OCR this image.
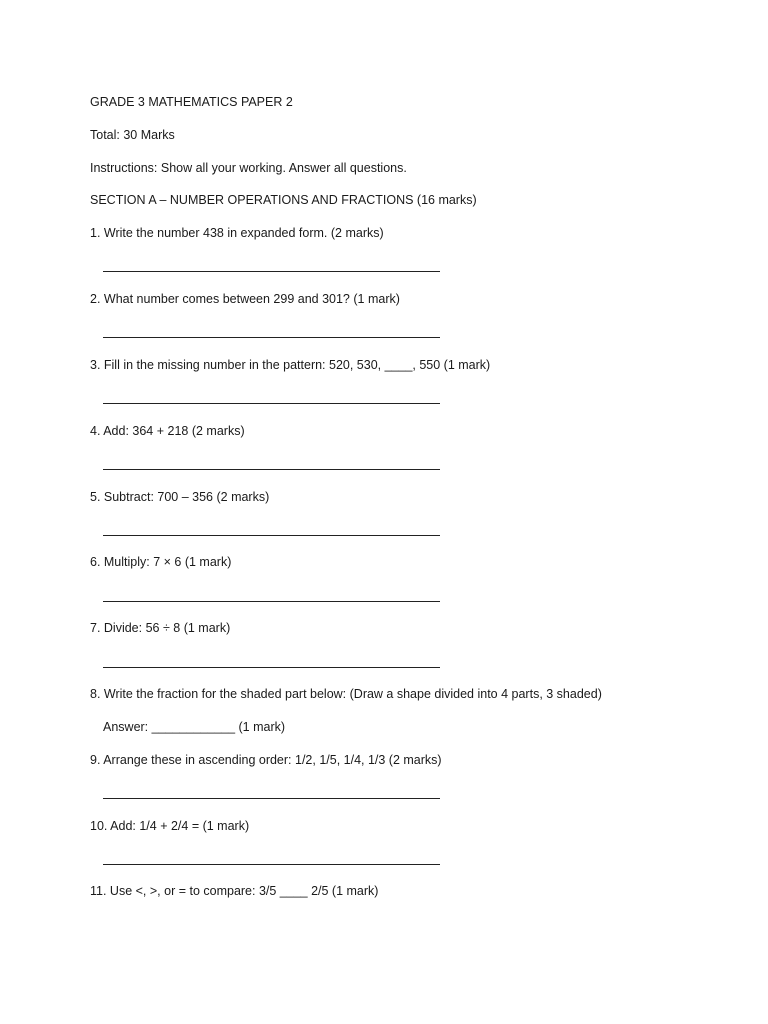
GRADE 3 MATHEMATICS PAPER 2
Total: 30 Marks
Instructions: Show all your working. Answer all questions.
SECTION A – NUMBER OPERATIONS AND FRACTIONS (16 marks)
1. Write the number 438 in expanded form. (2 marks)
2. What number comes between 299 and 301? (1 mark)
3. Fill in the missing number in the pattern: 520, 530, ____, 550 (1 mark)
4. Add: 364 + 218 (2 marks)
5. Subtract: 700 – 356 (2 marks)
6. Multiply: 7 × 6 (1 mark)
7. Divide: 56 ÷ 8 (1 mark)
8. Write the fraction for the shaded part below: (Draw a shape divided into 4 parts, 3 shaded)
Answer: ____________ (1 mark)
9. Arrange these in ascending order: 1/2, 1/5, 1/4, 1/3 (2 marks)
10. Add: 1/4 + 2/4 = (1 mark)
11. Use <, >, or = to compare: 3/5 ____ 2/5 (1 mark)
